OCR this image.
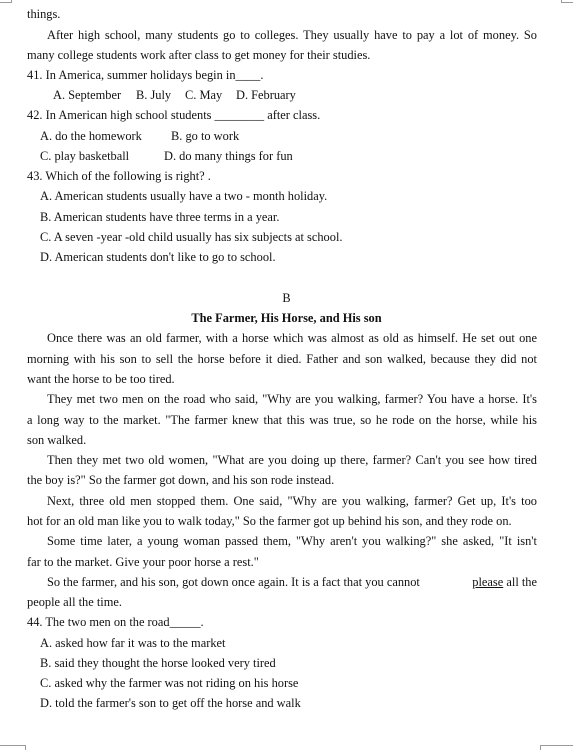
things.
After high school, many students go to colleges. They usually have to pay a lot of money. So
many college students work after class to get money for their studies.
41. In America, summer holidays begin in____.
A. September B. July C. May D. February
42. In American high school students ________ after class.
A. do the homework B. go to work
C. play basketball	D. do many things for fun
43. Which of the following is right? .
A. American students usually have a two - month holiday.
B. American students have three terms in a year.
C. A seven -year -old child usually has six subjects at school.
D. American students don't like to go to school.
B
The Farmer, His Horse, and His son
Once there was an old farmer, with a horse which was almost as old as himself. He set out one
morning with his son to sell the horse before it died. Father and son walked, because they did not
want the horse to be too tired.
They met two men on the road who said, "Why are you walking, farmer? You have a horse. It's
a long way to the market. "The farmer knew that this was true, so he rode on the horse, while his
son walked.
Then they met two old women, "What are you doing up there, farmer? Can't you see how tired
the boy is?" So the farmer got down, and his son rode instead.
Next, three old men stopped them. One said, "Why are you walking, farmer? Get up, It's too
hot for an old man like you to walk today," So the farmer got up behind his son, and they rode on.
Some time later, a young woman passed them, "Why aren't you walking?" she asked, "It isn't
far to the market. Give your poor horse a rest."
So the farmer, and his son, got down once again. It is a fact that you cannot	please all the
people all the time.
44. The two men on the road_____.
A. asked how far it was to the market
B. said they thought the horse looked very tired
C. asked why the farmer was not riding on his horse
D. told the farmer's son to get off the horse and walk
